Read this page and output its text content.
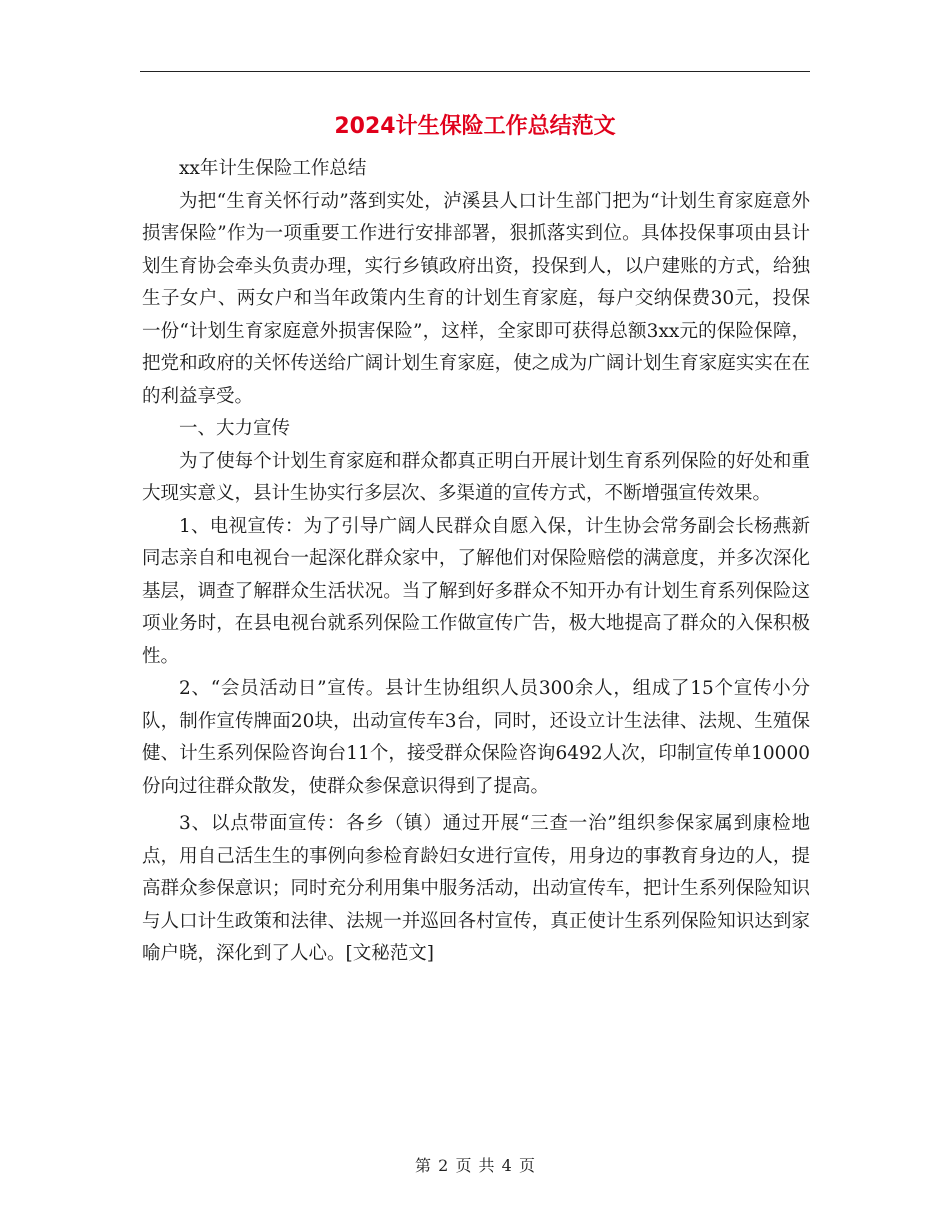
2024计生保险工作总结范文

xx年计生保险工作总结

为把“生育关怀行动”落到实处，泸溪县人口计生部门把为“计划生育家庭意外损害保险”作为一项重要工作进行安排部署，狠抓落实到位。具体投保事项由县计划生育协会牵头负责办理，实行乡镇政府出资，投保到人，以户建账的方式，给独生子女户、两女户和当年政策内生育的计划生育家庭，每户交纳保费30元，投保一份“计划生育家庭意外损害保险”，这样，全家即可获得总额3xx元的保险保障，把党和政府的关怀传送给广阔计划生育家庭，使之成为广阔计划生育家庭实实在在的利益享受。

一、大力宣传

为了使每个计划生育家庭和群众都真正明白开展计划生育系列保险的好处和重大现实意义，县计生协实行多层次、多渠道的宣传方式，不断增强宣传效果。

1、电视宣传：为了引导广阔人民群众自愿入保，计生协会常务副会长杨燕新同志亲自和电视台一起深化群众家中，了解他们对保险赔偿的满意度，并多次深化基层，调查了解群众生活状况。当了解到好多群众不知开办有计划生育系列保险这项业务时，在县电视台就系列保险工作做宣传广告，极大地提高了群众的入保积极性。

2、“会员活动日”宣传。县计生协组织人员300余人，组成了15个宣传小分队，制作宣传牌面20块，出动宣传车3台，同时，还设立计生法律、法规、生殖保健、计生系列保险咨询台11个，接受群众保险咨询6492人次，印制宣传单10000份向过往群众散发，使群众参保意识得到了提高。

3、以点带面宣传：各乡（镇）通过开展“三查一治”组织参保家属到康检地点，用自己活生生的事例向参检育龄妇女进行宣传，用身边的事教育身边的人，提高群众参保意识；同时充分利用集中服务活动，出动宣传车，把计生系列保险知识与人口计生政策和法律、法规一并巡回各村宣传，真正使计生系列保险知识达到家喻户晓，深化到了人心。[文秘范文]

第 2 页 共 4 页
